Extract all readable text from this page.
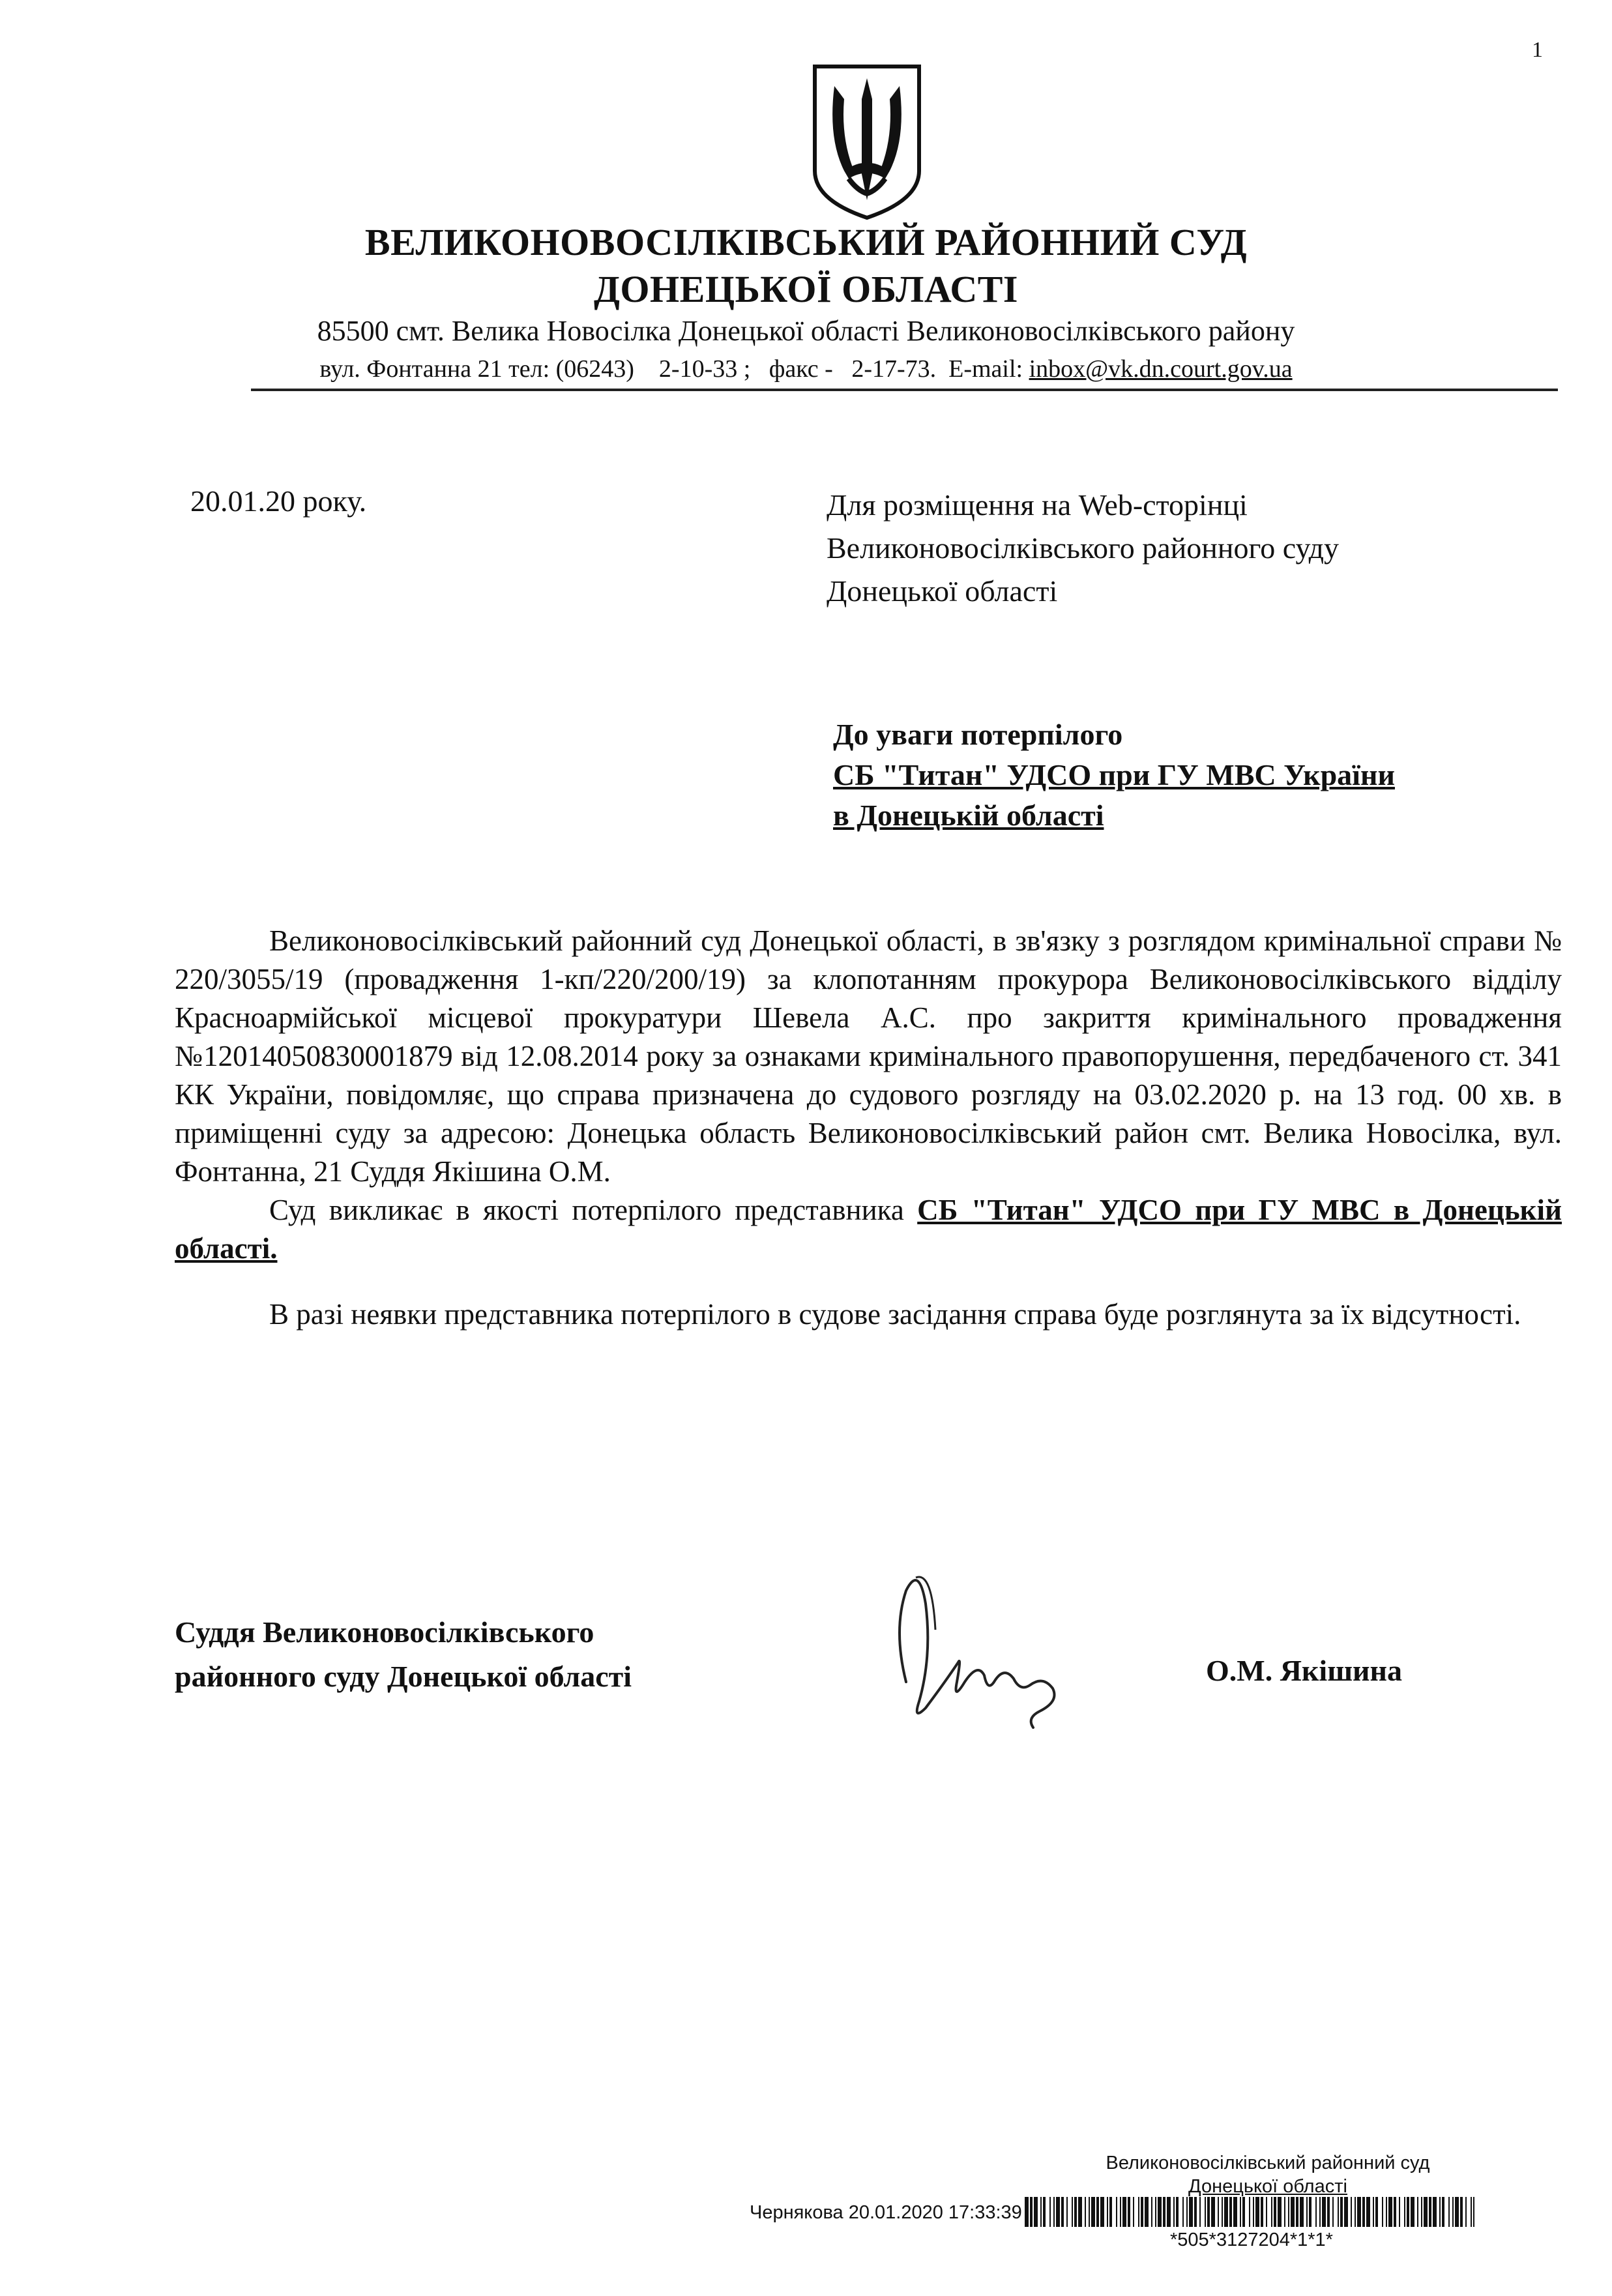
1
ВЕЛИКОНОВОСІЛКІВСЬКИЙ РАЙОННИЙ СУД
ДОНЕЦЬКОЇ ОБЛАСТІ
85500 смт. Велика Новосілка Донецької області Великоновосілківського району
вул. Фонтанна 21 тел: (06243)    2-10-33 ;   факс -   2-17-73.  E-mail: inbox@vk.dn.court.gov.ua
20.01.20 року.	Для розміщення на Web-сторінці
Великоновосілківського районного суду
Донецької області
До уваги потерпілого
СБ "Титан" УДСО при ГУ МВС України
в Донецькій області

Великоновосілківський районний суд Донецької області, в зв'язку з розглядом кримінальної справи № 220/3055/19 (провадження 1-кп/220/200/19) за клопотанням прокурора Великоновосілківського відділу Красноармійської місцевої прокуратури Шевела А.С. про закриття кримінального провадження №12014050830001879 від 12.08.2014 року за ознаками кримінального правопорушення, передбаченого ст. 341 КК України, повідомляє, що справа призначена до судового розгляду на 03.02.2020 р. на 13 год. 00 хв. в приміщенні суду за адресою: Донецька область Великоновосілківський район смт. Велика Новосілка, вул. Фонтанна, 21 Суддя Якішина О.М.

Суд викликає в якості потерпілого представника СБ "Титан" УДСО при ГУ МВС в Донецькій області.

В разі неявки представника потерпілого в судове засідання справа буде розглянута за їх відсутності.

Суддя Великоновосілківського
районного суду Донецької області	О.М. Якішина
Великоновосілківський районний суд
Донецької області
Чернякова 20.01.2020 17:33:39
*505*3127204*1*1*
